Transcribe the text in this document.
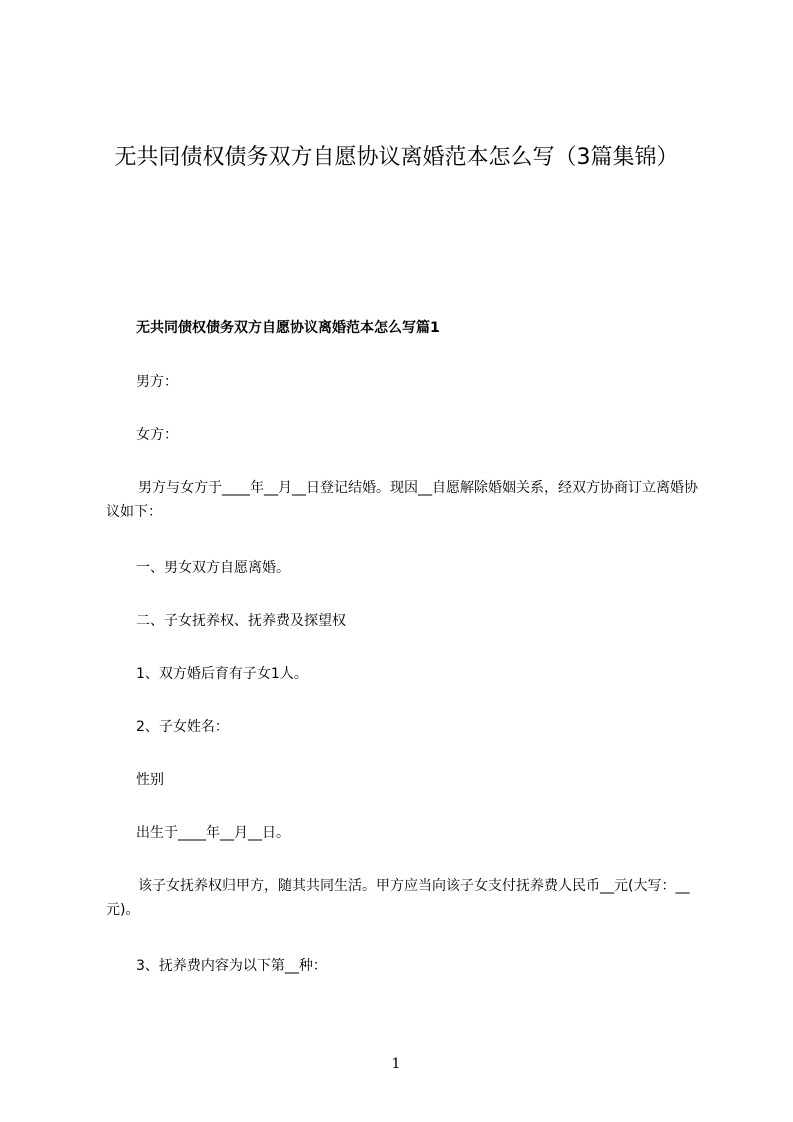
无共同债权债务双方自愿协议离婚范本怎么写（3篇集锦）
无共同债权债务双方自愿协议离婚范本怎么写篇1

男方：

女方：

男方与女方于____年__月__日登记结婚。现因__自愿解除婚姻关系，经双方协商订立离婚协议如下：

一、男女双方自愿离婚。

二、子女抚养权、抚养费及探望权

1、双方婚后育有子女1人。

2、子女姓名：

性别

出生于____年__月__日。

该子女抚养权归甲方，随其共同生活。甲方应当向该子女支付抚养费人民币__元(大写：__元)。

3、抚养费内容为以下第__种：

1
